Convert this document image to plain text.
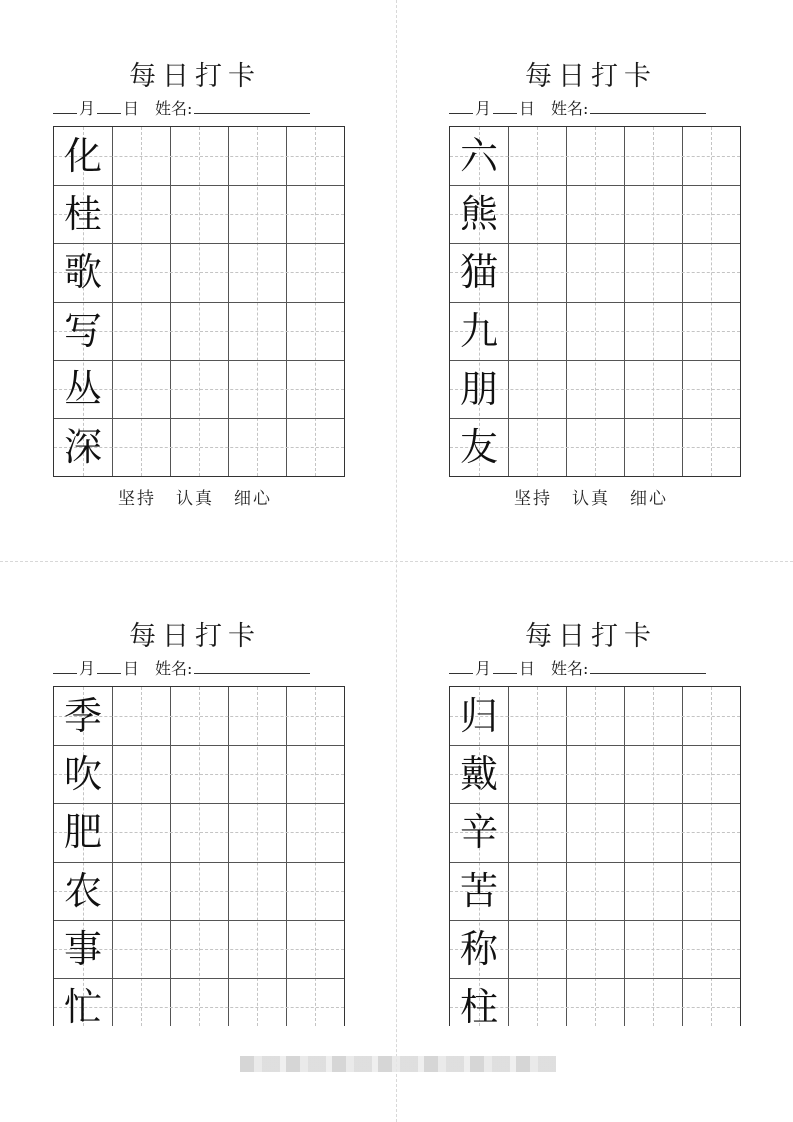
每日打卡
月 日 姓名:
化
桂
歌
写
丛
深
坚持 认真 细心
每日打卡
月 日 姓名:
六
熊
猫
九
朋
友
坚持 认真 细心
每日打卡
月 日 姓名:
季
吹
肥
农
事
忙
每日打卡
月 日 姓名:
归
戴
辛
苦
称
柱
